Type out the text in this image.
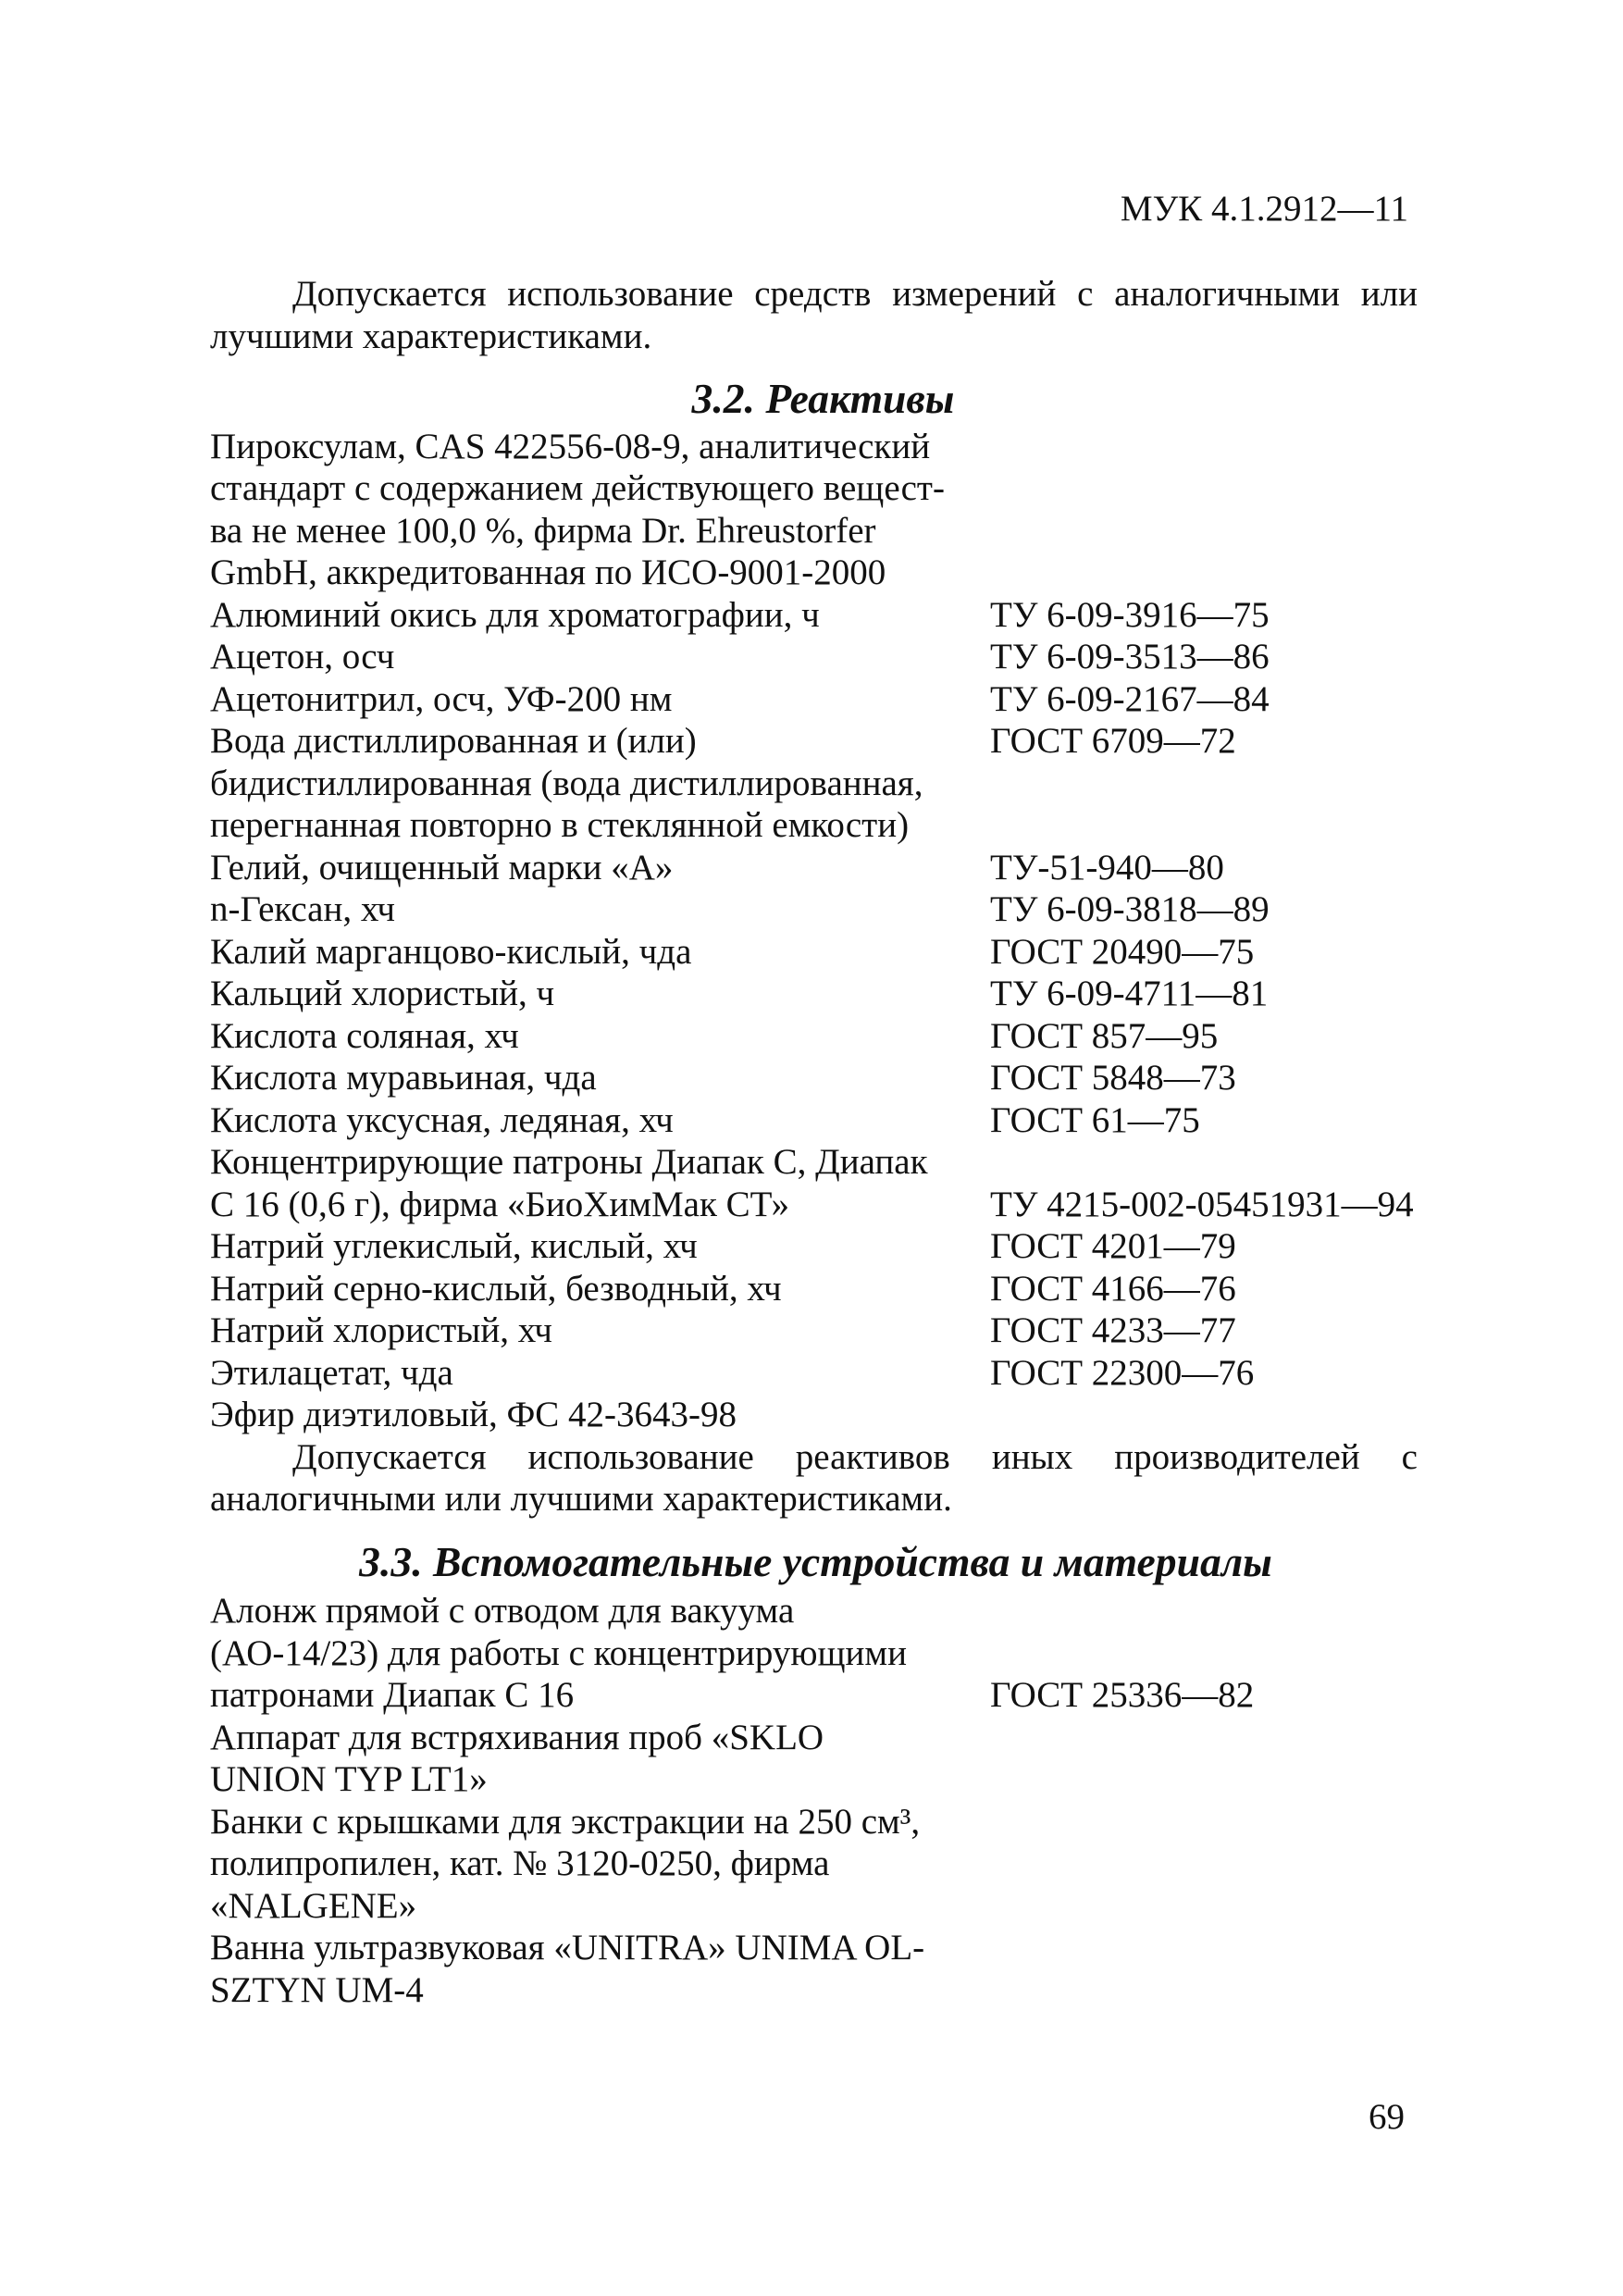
МУК 4.1.2912—11

Допускается использование средств измерений с аналогичными или лучшими характеристиками.

3.2. Реактивы
Пироксулам, CAS 422556-08-9, аналитический
стандарт с содержанием действующего вещест-
ва не менее 100,0 %, фирма Dr. Ehreustorfer
GmbH, аккредитованная по ИСО-9001-2000
Алюминий окись для хроматографии, ч	ТУ 6-09-3916—75
Ацетон, осч	ТУ 6-09-3513—86
Ацетонитрил, осч, УФ-200 нм	ТУ 6-09-2167—84
Вода дистиллированная и (или)	ГОСТ 6709—72
бидистиллированная (вода дистиллированная,
перегнанная повторно в стеклянной емкости)
Гелий, очищенный марки «А»	ТУ-51-940—80
n-Гексан, хч	ТУ 6-09-3818—89
Калий марганцово-кислый, чда	ГОСТ 20490—75
Кальций хлористый, ч	ТУ 6-09-4711—81
Кислота соляная, хч	ГОСТ 857—95
Кислота муравьиная, чда	ГОСТ 5848—73
Кислота уксусная, ледяная, хч	ГОСТ 61—75
Концентрирующие патроны Диапак С, Диапак
С 16 (0,6 г), фирма «БиоХимМак СТ»	ТУ 4215-002-05451931—94
Натрий углекислый, кислый, хч	ГОСТ 4201—79
Натрий серно-кислый, безводный, хч	ГОСТ 4166—76
Натрий хлористый, хч	ГОСТ 4233—77
Этилацетат, чда	ГОСТ 22300—76
Эфир диэтиловый, ФС 42-3643-98

Допускается использование реактивов иных производителей с аналогичными или лучшими характеристиками.

3.3. Вспомогательные устройства и материалы
Алонж прямой с отводом для вакуума
(АО-14/23) для работы с концентрирующими
патронами Диапак С 16	ГОСТ 25336—82
Аппарат для встряхивания проб «SKLO
UNION TYP LT1»
Банки с крышками для экстракции на 250 см³,
полипропилен, кат. № 3120-0250, фирма
«NALGENE»
Ванна ультразвуковая «UNITRA» UNIMA OL-
SZTYN UM-4
69
